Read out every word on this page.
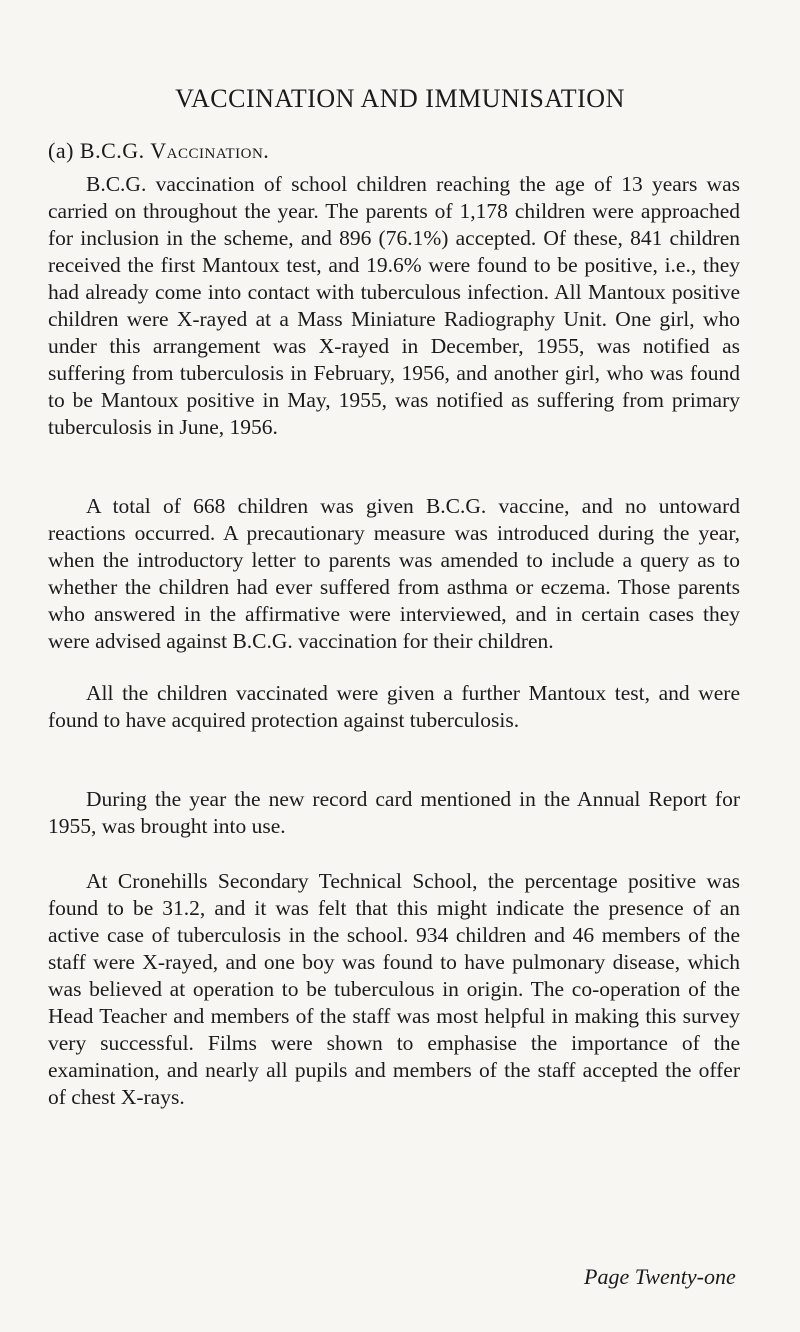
VACCINATION AND IMMUNISATION
(a) B.C.G. Vaccination.

B.C.G. vaccination of school children reaching the age of 13 years was carried on throughout the year. The parents of 1,178 children were approached for inclusion in the scheme, and 896 (76.1%) accepted. Of these, 841 children received the first Mantoux test, and 19.6% were found to be positive, i.e., they had already come into contact with tuberculous infection. All Mantoux positive children were X-rayed at a Mass Miniature Radiography Unit. One girl, who under this arrangement was X-rayed in December, 1955, was notified as suffering from tuberculosis in February, 1956, and another girl, who was found to be Mantoux positive in May, 1955, was notified as suffering from primary tuberculosis in June, 1956.

A total of 668 children was given B.C.G. vaccine, and no untoward reactions occurred. A precautionary measure was introduced during the year, when the introductory letter to parents was amended to include a query as to whether the children had ever suffered from asthma or eczema. Those parents who answered in the affirmative were interviewed, and in certain cases they were advised against B.C.G. vaccination for their children.

All the children vaccinated were given a further Mantoux test, and were found to have acquired protection against tuberculosis.

During the year the new record card mentioned in the Annual Report for 1955, was brought into use.

At Cronehills Secondary Technical School, the percentage positive was found to be 31.2, and it was felt that this might indicate the presence of an active case of tuberculosis in the school. 934 children and 46 members of the staff were X-rayed, and one boy was found to have pulmonary disease, which was believed at operation to be tuberculous in origin. The co-operation of the Head Teacher and members of the staff was most helpful in making this survey very successful. Films were shown to emphasise the importance of the examination, and nearly all pupils and members of the staff accepted the offer of chest X-rays.

Page Twenty-one
